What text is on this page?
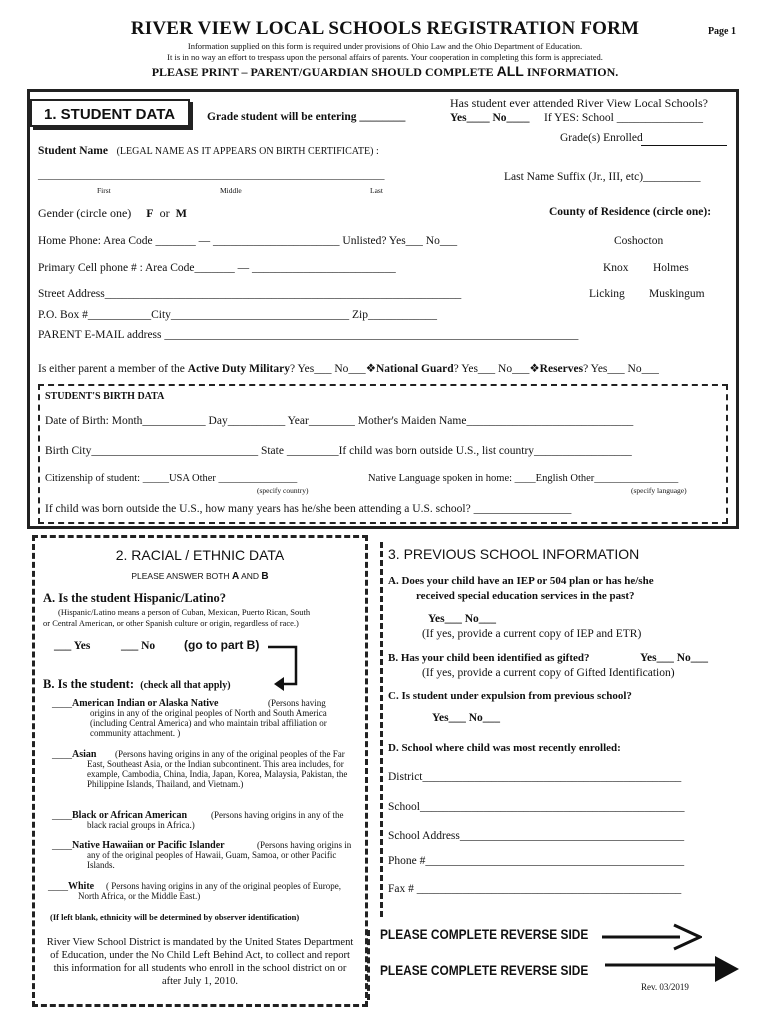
RIVER VIEW LOCAL SCHOOLS REGISTRATION FORM	Page 1
Information supplied on this form is required under provisions of Ohio Law and the Ohio Department of Education.
It is in no way an effort to trespass upon the personal affairs of parents. Your cooperation in completing this form is appreciated.
PLEASE PRINT – PARENT/GUARDIAN SHOULD COMPLETE ALL INFORMATION.
1. STUDENT DATA	Grade student will be entering ________
Has student ever attended River View Local Schools?
Yes____ No____ If YES: School _______________
Grade(s) Enrolled
Student Name (LEGAL NAME AS IT APPEARS ON BIRTH CERTIFICATE) :
__________________________________________________________________	Last Name Suffix (Jr., III, etc)__________
First	Middle	Last
Gender (circle one) F or M	County of Residence (circle one):
Home Phone: Area Code _______ — ______________________ Unlisted? Yes___ No___	Coshocton
Primary Cell phone # : Area Code_______ — _________________________	Knox Holmes
Street Address______________________________________________________________	Licking Muskingum
P.O. Box #___________City_______________________________ Zip____________
PARENT E-MAIL address ________________________________________________________________________
Is either parent a member of the Active Duty Military? Yes___ No___❖National Guard? Yes___ No___❖Reserves? Yes___ No___
STUDENT'S BIRTH DATA
Date of Birth: Month___________ Day__________ Year________ Mother's Maiden Name_____________________________
Birth City_____________________________ State _________If child was born outside U.S., list country_________________
Citizenship of student: _____USA Other _______________	Native Language spoken in home: ____English Other________________
(specify country)	(specify language)
If child was born outside the U.S., how many years has he/she been attending a U.S. school? _________________
2. RACIAL / ETHNIC DATA
PLEASE ANSWER BOTH A AND B
A. Is the student Hispanic/Latino?
(Hispanic/Latino means a person of Cuban, Mexican, Puerto Rican, South
or Central American, or other Spanish culture or origin, regardless of race.)
___ Yes	___ No (go to part B)
B. Is the student: (check all that apply)
____American Indian or Alaska Native	(Persons having origins in any of the original peoples of North and South America (including Central America) and who maintain tribal affiliation or community attachment. )
____Asian	(Persons having origins in any of the original peoples of the Far East, Southeast Asia, or the Indian subcontinent. This area includes, for example, Cambodia, China, India, Japan, Korea, Malaysia, Pakistan, the Philippine Islands, Thailand, and Vietnam.)
____Black or African American	(Persons having origins in any of the black racial groups in Africa.)
____Native Hawaiian or Pacific Islander	(Persons having origins in any of the original peoples of Hawaii, Guam, Samoa, or other Pacific Islands.
____White	( Persons having origins in any of the original peoples of Europe, North Africa, or the Middle East.)
(If left blank, ethnicity will be determined by observer identification)
River View School District is mandated by the United States Department of Education, under the No Child Left Behind Act, to collect and report this information for all students who enroll in the school district on or after July 1, 2010.
3. PREVIOUS SCHOOL INFORMATION
A. Does your child have an IEP or 504 plan or has he/she
received special education services in the past?
Yes___ No___
(If yes, provide a current copy of IEP and ETR)
B. Has your child been identified as gifted?	Yes___ No___
(If yes, provide a current copy of Gifted Identification)
C. Is student under expulsion from previous school?
Yes___ No___
D. School where child was most recently enrolled:
District_____________________________________________
School______________________________________________
School Address_______________________________________
Phone #_____________________________________________
Fax # ______________________________________________
PLEASE COMPLETE REVERSE SIDE
PLEASE COMPLETE REVERSE SIDE
Rev. 03/2019
